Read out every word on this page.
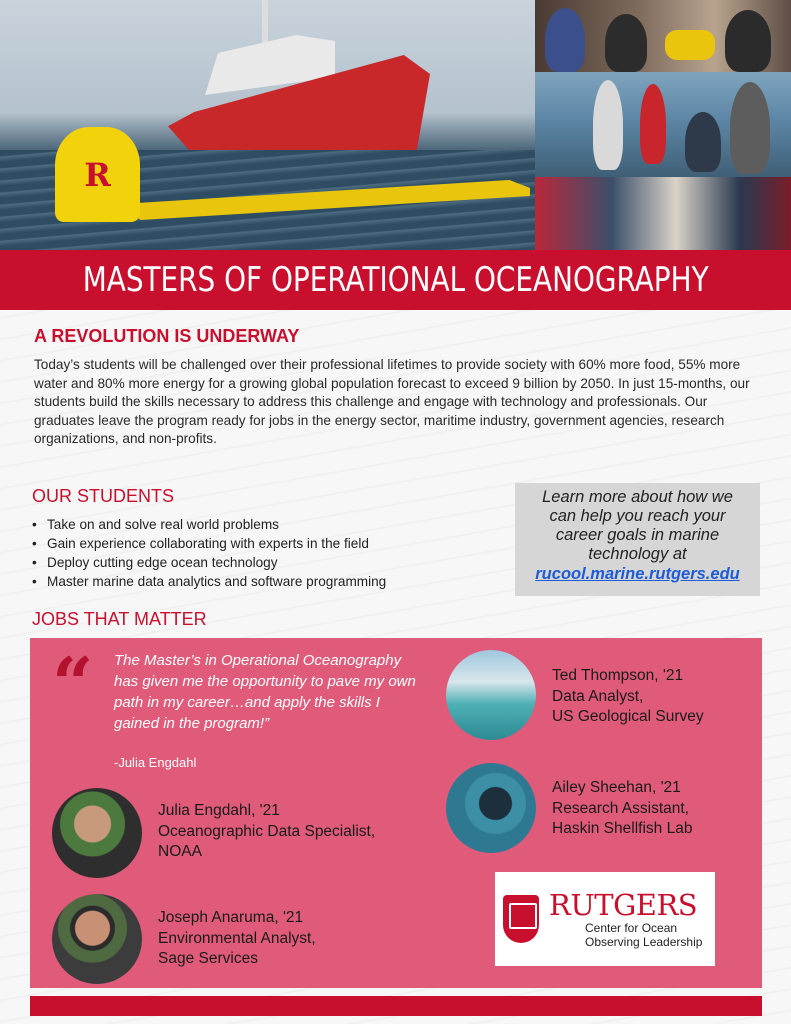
R
MASTERS OF OPERATIONAL OCEANOGRAPHY
A REVOLUTION IS UNDERWAY

Today’s students will be challenged over their professional lifetimes to provide society with 60% more food, 55% more water and 80% more energy for a growing global population forecast to exceed 9 billion by 2050. In just 15-months, our students build the skills necessary to address this challenge and engage with technology and professionals. Our graduates leave the program ready for jobs in the energy sector, maritime industry, government agencies, research organizations, and non-profits.

OUR STUDENTS
• Take on and solve real world problems
• Gain experience collaborating with experts in the field
• Deploy cutting edge ocean technology
• Master marine data analytics and software programming
Learn more about how we can help you reach your career goals in marine technology at
rucool.marine.rutgers.edu
JOBS THAT MATTER
“ The Master’s in Operational Oceanography has given me the opportunity to pave my own path in my career…and apply the skills I gained in the program!”
-Julia Engdahl
Julia Engdahl, '21
Oceanographic Data Specialist,
NOAA
Joseph Anaruma, '21
Environmental Analyst,
Sage Services
Ted Thompson, '21
Data Analyst,
US Geological Survey
Ailey Sheehan, '21
Research Assistant,
Haskin Shellfish Lab
RUTGERS
Center for Ocean
Observing Leadership
